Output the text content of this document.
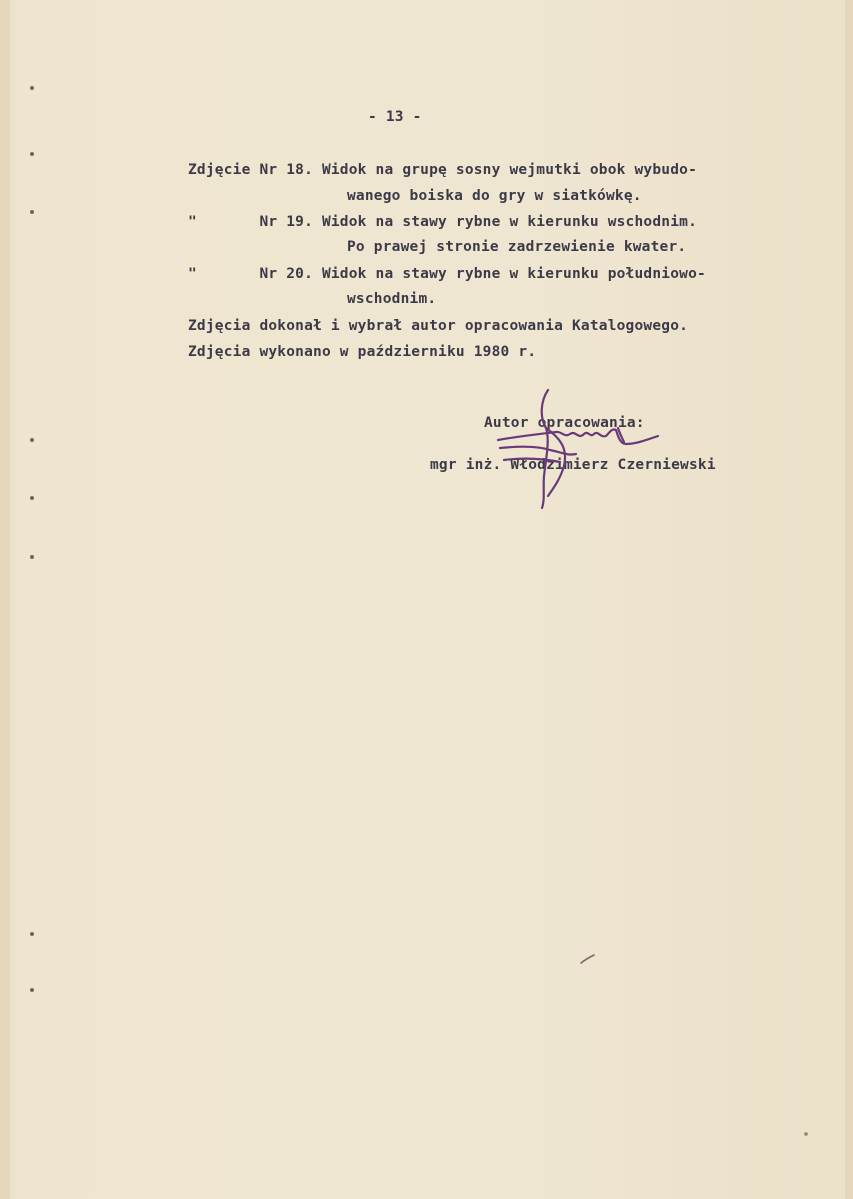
- 13 -
Zdjęcie Nr 18. Widok na grupę sosny wejmutki obok wybudo-
wanego boiska do gry w siatkówkę.
"       Nr 19. Widok na stawy rybne w kierunku wschodnim.
Po prawej stronie zadrzewienie kwater.
"       Nr 20. Widok na stawy rybne w kierunku południowo-
wschodnim.
Zdjęcia dokonał i wybrał autor opracowania Katalogowego.
Zdjęcia wykonano w październiku 1980 r.
Autor opracowania:
mgr inż. Włodzimierz Czerniewski
